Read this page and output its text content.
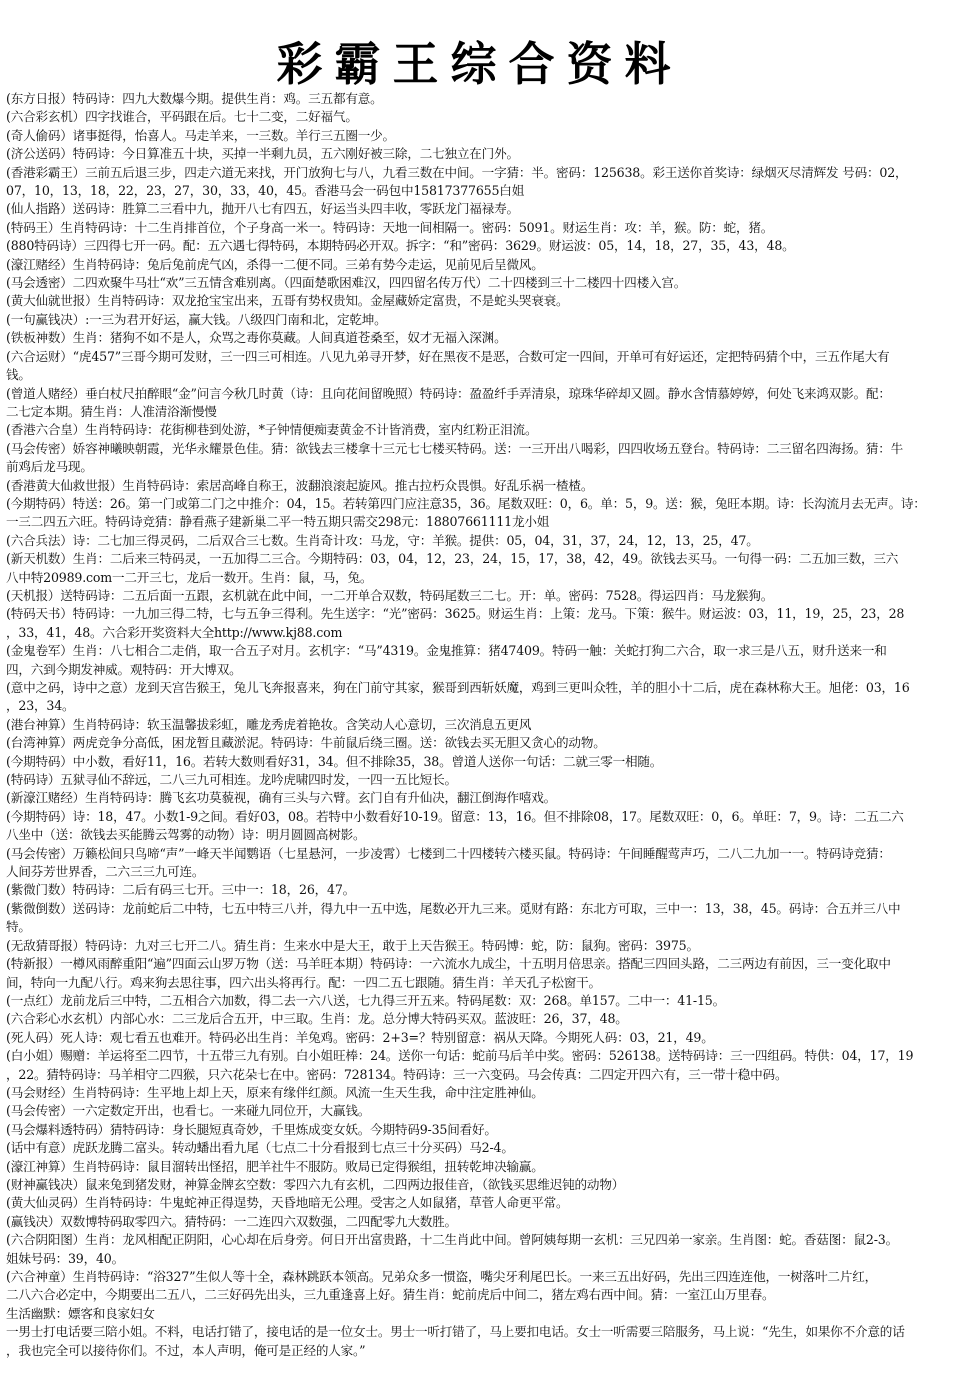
彩霸王综合资料
(东方日报）特码诗：四九大数爆今期。提供生肖：鸡。三五都有意。
(六合彩玄机）四字找谁合，平码跟在后。七十二变，二好福气。
(奇人偷码）诸事挺得，怡喜人。马走羊来，一三数。羊行三五圈一少。
(济公送码）特码诗：今日算准五十块，买掉一半剩九员，五六刚好被三除，二七独立在门外。
(香港彩霸王）三前五后退三步，四走六道无来找，开门放狗七与八，九看三数在中间。一字猜：半。密码：125638。彩王送你首奖诗：绿烟灭尽清辉发 号码：02，
07，10，13，18，22，23，27，30，33，40，45。香港马会一码包中15817377655白姐
(仙人指路）送码诗：胜算二三看中九，抛开八七有四五，好运当头四丰收，零跃龙门福禄寿。
(特码王）生肖特码诗：十二生肖排首位，个子身高一米一。特码诗：天地一间相隔一。密码：5091。财运生肖：攻：羊，猴。防：蛇，猪。
(880特码诗）三四得七开一码。配：五六遇七得特码，本期特码必开双。拆字：“和”密码：3629。财运波：05，14，18，27，35，43，48。
(濠江赌经）生肖特码诗：兔后兔前虎气凶，杀得一二便不同。三弟有势今走运，见前见后呈微风。
(马会透密）二四欢聚牛马壮“欢”三五情含难别离。（四面楚歌困难汉，四四留名传万代）二十四楼到三十二楼四十四楼入宫。
(黄大仙就世报）生肖特码诗：双龙抢宝宝出来，五哥有势权贵知。金屋藏娇定富贵，不是蛇头哭衰衰。
(一句赢钱决）:一三为君开好运，赢大钱。八级四门南和北，定乾坤。
(铁板神数）生肖：猪狗不如不是人，众骂之毒你莫藏。人间真道苍桑至，奴才无福入深渊。
(六合运财）“虎457”三哥今期可发财，三一四三可相连。八见九弟寻开梦，好在黑夜不是恶，合数可定一四间，开单可有好运还，定把特码猜个中，三五作尾大有
钱。
(曾道人赌经）垂白杖尺拍醉眼“金”问言今秋几时黄（诗：且向花间留晚照）特码诗：盈盈纤手弄清泉，琼珠华碎却又圆。静水含情慕婷婷，何处飞来鸿双影。配：
二七定本期。猜生肖：人准清浴渐慢慢
(香港六合皇）生肖特码诗：花街柳巷到处游，*子钟情便痴妻黄金不计皆消费，室内红粉正泪流。
(马会传密）娇容神曦映朝霞，光华永耀景色佳。猜：欲钱去三楼拿十三元七七楼买特码。送：一三开出八喝彩，四四收场五登台。特码诗：二三留名四海扬。猜：牛
前鸡后龙马现。
(香港黄大仙救世报）生肖特码诗：索居高峰自称王，波翻浪滚起旋风。推古拉朽众畏惧。好乱乐祸一楂楂。
(今期特码）特送：26。第一门或第二门之中推介：04，15。若转第四门应注意35，36。尾数双旺：0，6。单：5，9。送：猴，兔旺本期。诗：长沟流月去无声。诗：
一三二四五六旺。特码诗竞猜：静看燕子建新巢二平一特五期只需交298元：18807661111龙小姐
(六合兵法）诗：二七加三得灵码，二后双合三七数。生肖奇计攻：马龙，守：羊猴。提供：05，04，31，37，24，12，13，25，47。
(新天机数）生肖：二后来三特码灵，一五加得二三合。今期特码：03，04，12，23，24，15，17，38，42，49。欲钱去买马。一句得一码：二五加三数，三六
八中特20989.com一二开三七，龙后一数开。生肖：鼠，马，兔。
(天机报）送特码诗：二五后面一五跟，玄机就在此中间，一二开单合双数，特码尾数三二七。开：单。密码：7528。得运四肖：马龙猴狗。
(特码天书）特码诗：一九加三得二特，七与五争三得利。先生送字：“光”密码：3625。财运生肖：上策：龙马。下策：猴牛。财运波：03，11，19，25，23，28
，33，41，48。六合彩开奖资料大全http://www.kj88.com
(金鬼卷军）生肖：八七相合二走俏，取一合五子对月。玄机字：“马”4319。金鬼推算：猪47409。特码一触：关蛇打狗二六合，取一求三是八五，财升送来一和
四，六到今期发神威。观特码：开大博双。
(意中之码，诗中之意）龙到天宫告猴王，兔儿飞奔报喜来，狗在门前守其家，猴哥到西斩妖魔，鸡到三更叫众牲，羊的胆小十二后，虎在森林称大王。旭佬：03，16
，23，34。
(港台神算）生肖特码诗：软玉温馨拔彩虹，雕龙秀虎着艳妆。含笑动人心意切，三次消息五更风
(台湾神算）两虎竞争分高低，困龙暂且藏淤泥。特码诗：牛前鼠后绕三圈。送：欲钱去买无胆又贪心的动物。
(今期特码）中小数，看好11，16。若转大数则看好31，34。但不排除35，38。曾道人送你一句话：二就三零一相随。
(特码诗）五狱寻仙不辞远，二八三九可相连。龙吟虎啸四时发，一四一五比短长。
(新濠江赌经）生肖特码诗：腾飞玄功莫藐视，确有三头与六臂。玄门自有升仙决，翻江倒海作嘻戏。
(今期特码）诗：18，47。小数1-9之间。看好03，08。若特中小数看好10-19。留意：13，16。但不排除08，17。尾数双旺：0，6。单旺：7，9。诗：二五二六
八坐中（送：欲钱去买能腾云驾雾的动物）诗：明月圆圆高树影。
(马会传密）万籁松间只鸟啼“声”一峰天半闻鹦语（七星悬河，一步凌霄）七楼到二十四楼转六楼买鼠。特码诗：午间睡醒莺声巧，二八二九加一一。特码诗竞猜：
人间芬芳世界香，二六三三九可连。
(紫微门数）特码诗：二后有码三七开。三中一：18，26，47。
(紫微倒数）送码诗：龙前蛇后二中特，七五中特三八并，得九中一五中选，尾数必开九三来。觅财有路：东北方可取，三中一：13，38，45。码诗：合五并三八中
特。
(无敌猜哥报）特码诗：九对三七开二八。猜生肖：生来水中是大王，敢于上天告猴王。特码博：蛇，防：鼠狗。密码：3975。
(特新报）一樽风雨醉重阳“遍”四面云山罗万物（送：马羊旺本期）特码诗：一六流水九成尘，十五明月倍思亲。搭配三四回头路，二三两边有前因，三一变化取中
间，特向一九配八行。鸡来狗去思往事，四六出头将再行。配：一四二五七跟随。猜生肖：羊天孔子松窗干。
(一点红）龙前龙后三中特，二五相合六加数，得二去一六八送，七九得三开五来。特码尾数：双：268。单157。二中一：41-15。
(六合彩心水玄机）内部心水：二三龙后合五开，中三取。生肖：龙。总分博大特码买双。蓝波旺：26，37，48。
(死人码）死人诗：观七看五也难开。特码必出生肖：羊兔鸡。密码：2+3=？特别留意：祸从天降。今期死人码：03，21，49。
(白小姐）赐赠：羊运将至二四节，十五带三九有别。白小姐旺棒：24。送你一句话：蛇前马后羊中奖。密码：526138。送特码诗：三一四组码。特供：04，17，19
，22。猜特码诗：马羊相守二四猴，只六花朵七在中。密码：728134。特码诗：三一六变码。马会传真：二四定开四六有，三一带十稳中码。
(马会财经）生肖特码诗：生平地上却上天，原来有缘伴红颜。风流一生天生我，命中注定胜神仙。
(马会传密）一六定数定开出，也看七。一来碰九同位开，大赢钱。
(马会爆料透特码）猜特码诗：身长腿短真奇妙，千里炼成变女妖。今期特码9-35间看好。
(话中有意）虎跃龙腾二富头。转动蟠出看九尾（七点二十分看报到七点三十分买码）马2-4。
(濠江神算）生肖特码诗：鼠目溜转出怪招，肥羊社牛不服防。败局已定得猴组，扭转乾坤决输赢。
(财神赢钱决）鼠来兔到猪发财，神算金牌玄空数：零四六九有玄机，二四两边报佳音，（欲钱买思维迟钝的动物）
(黄大仙灵码）生肖特码诗：牛鬼蛇神正得逞势，天昏地暗无公理。受害之人如鼠猪，草菅人命更平常。
(赢钱决）双数博特码取零四六。猜特码：一二连四六双数强，二四配零九大数胜。
(六合阴阳图）生肖：龙风相配正阴阳，心心却在后身旁。何日开出富贵路，十二生肖此中间。曾阿姨每期一玄机：三兄四弟一家亲。生肖图：蛇。香菇图：鼠2-3。
姐妹号码：39，40。
(六合神童）生肖特码诗：“浴327”生似人等十全，森林跳跃本领高。兄弟众多一惯盗，嘴尖牙利尾巴长。一来三五出好码，先出三四连连他，一树落叶二片红，
二八六合必定中，今期要出二五八，二三好码先出头，三九重逢喜上好。猜生肖：蛇前虎后中间二，猪左鸡右西中间。猜：一室江山万里春。
生活幽默：嫖客和良家妇女
一男士打电话要三陪小姐。不料，电话打错了，接电话的是一位女士。男士一听打错了，马上要扣电话。女士一听需要三陪服务，马上说：“先生，如果你不介意的话
，我也完全可以接待你们。不过，本人声明，俺可是正经的人家。”
